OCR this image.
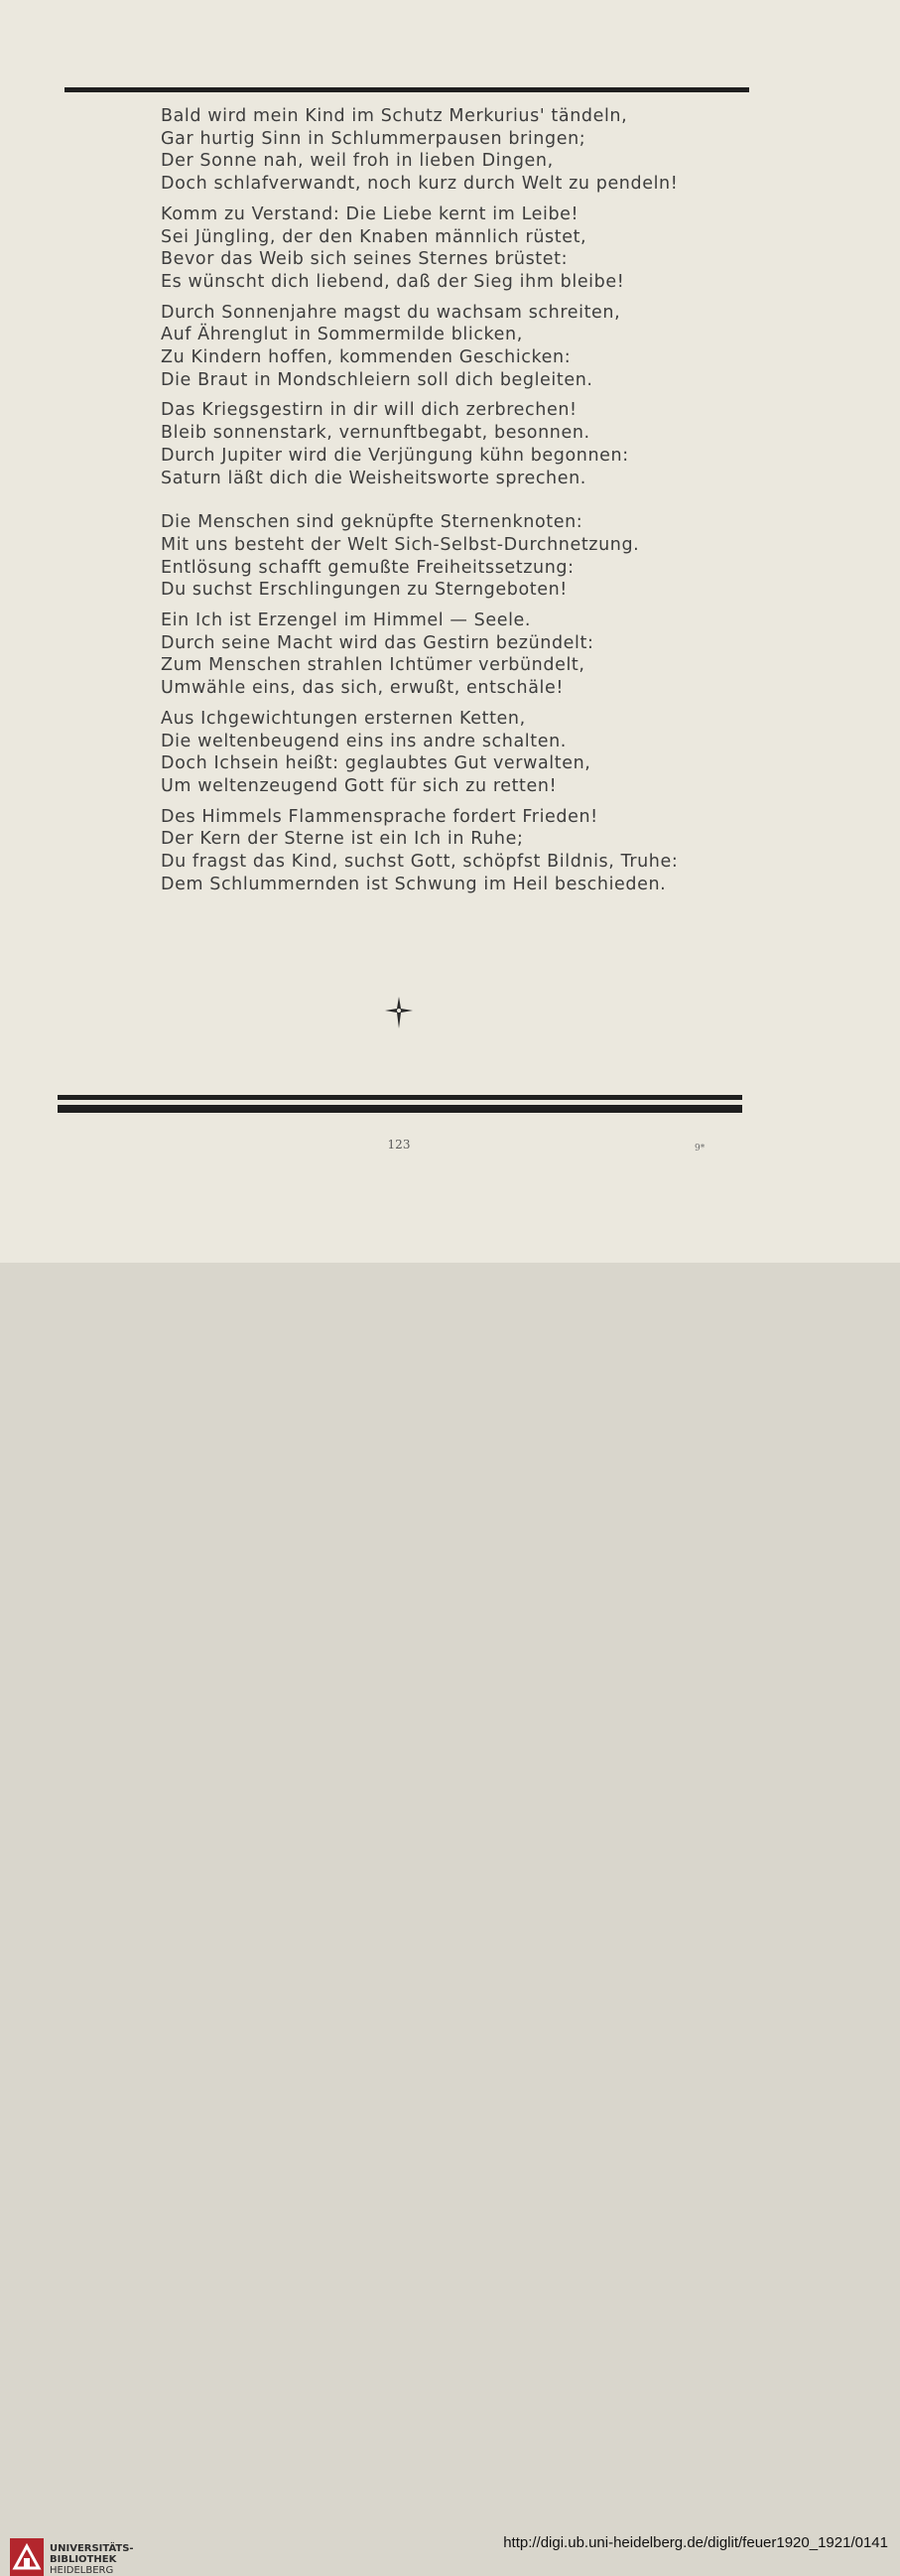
Bald wird mein Kind im Schutz Merkurius' tändeln,
Gar hurtig Sinn in Schlummerpausen bringen;
Der Sonne nah, weil froh in lieben Dingen,
Doch schlafverwandt, noch kurz durch Welt zu pendeln!
Komm zu Verstand: Die Liebe kernt im Leibe!
Sei Jüngling, der den Knaben männlich rüstet,
Bevor das Weib sich seines Sternes brüstet:
Es wünscht dich liebend, daß der Sieg ihm bleibe!
Durch Sonnenjahre magst du wachsam schreiten,
Auf Ährenglut in Sommermilde blicken,
Zu Kindern hoffen, kommenden Geschicken:
Die Braut in Mondschleiern soll dich begleiten.
Das Kriegsgestirn in dir will dich zerbrechen!
Bleib sonnenstark, vernunftbegabt, besonnen.
Durch Jupiter wird die Verjüngung kühn begonnen:
Saturn läßt dich die Weisheitsworte sprechen.
Die Menschen sind geknüpfte Sternenknoten:
Mit uns besteht der Welt Sich-Selbst-Durchnetzung.
Entlösung schafft gemußte Freiheitssetzung:
Du suchst Erschlingungen zu Sterngeboten!
Ein Ich ist Erzengel im Himmel — Seele.
Durch seine Macht wird das Gestirn bezündelt:
Zum Menschen strahlen Ichtümer verbündelt,
Umwähle eins, das sich, erwußt, entschäle!
Aus Ichgewichtungen ersternen Ketten,
Die weltenbeugend eins ins andre schalten.
Doch Ichsein heißt: geglaubtes Gut verwalten,
Um weltenzeugend Gott für sich zu retten!
Des Himmels Flammensprache fordert Frieden!
Der Kern der Sterne ist ein Ich in Ruhe;
Du fragst das Kind, suchst Gott, schöpfst Bildnis, Truhe:
Dem Schlummernden ist Schwung im Heil beschieden.
123	9*
UNIVERSITÄTS-
BIBLIOTHEK
HEIDELBERG
http://digi.ub.uni-heidelberg.de/diglit/feuer1920_1921/0141
